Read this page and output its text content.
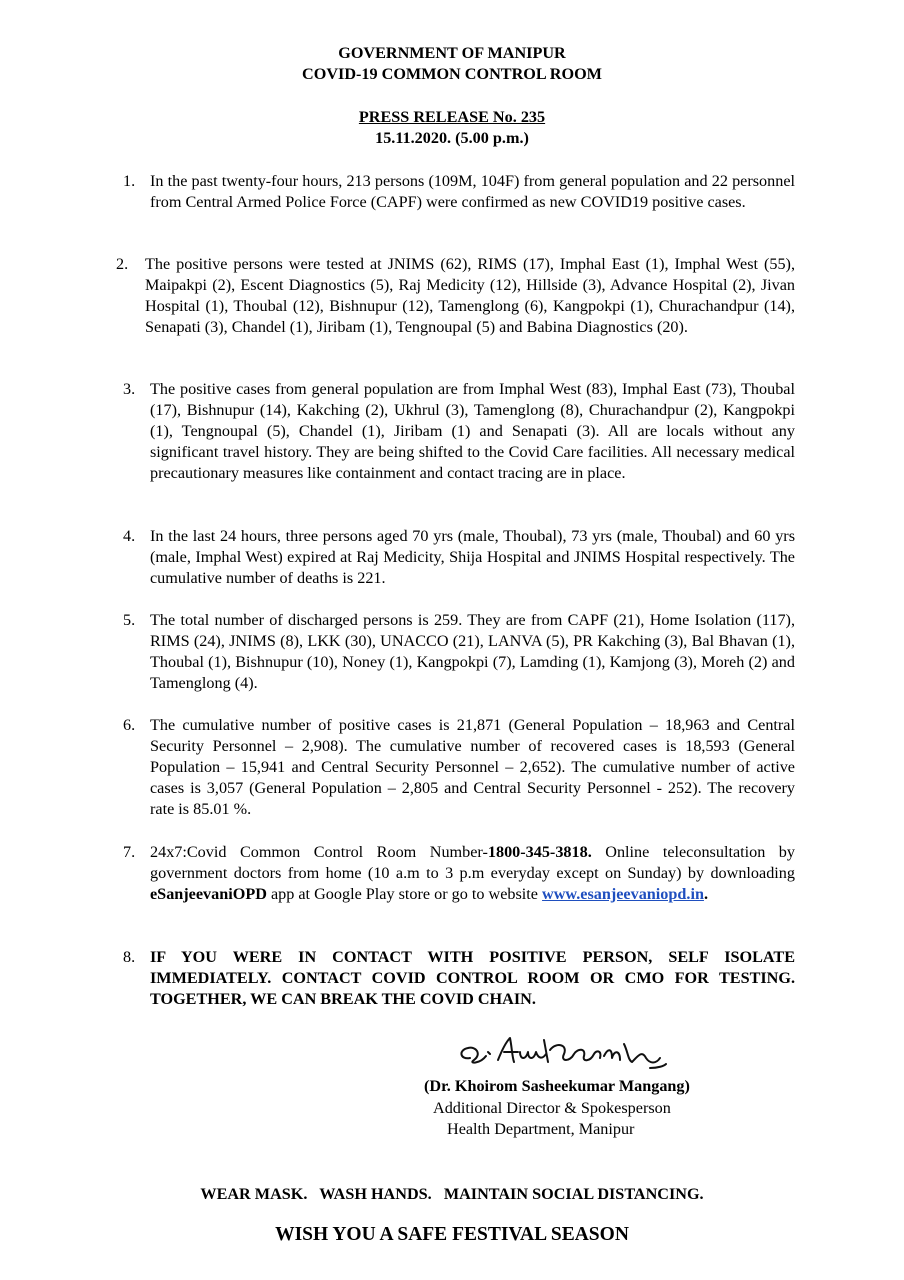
GOVERNMENT OF MANIPUR
COVID-19 COMMON CONTROL ROOM
PRESS RELEASE No. 235
15.11.2020. (5.00 p.m.)
1. In the past twenty-four hours, 213 persons (109M, 104F) from general population and 22 personnel from Central Armed Police Force (CAPF) were confirmed as new COVID19 positive cases.
2. The positive persons were tested at JNIMS (62), RIMS (17), Imphal East (1), Imphal West (55), Maipakpi (2), Escent Diagnostics (5), Raj Medicity (12), Hillside (3), Advance Hospital (2), Jivan Hospital (1), Thoubal (12), Bishnupur (12), Tamenglong (6), Kangpokpi (1), Churachandpur (14), Senapati (3), Chandel (1), Jiribam (1), Tengnoupal (5) and Babina Diagnostics (20).
3. The positive cases from general population are from Imphal West (83), Imphal East (73), Thoubal (17), Bishnupur (14), Kakching (2), Ukhrul (3), Tamenglong (8), Churachandpur (2), Kangpokpi (1), Tengnoupal (5), Chandel (1), Jiribam (1) and Senapati (3). All are locals without any significant travel history. They are being shifted to the Covid Care facilities. All necessary medical precautionary measures like containment and contact tracing are in place.
4. In the last 24 hours, three persons aged 70 yrs (male, Thoubal), 73 yrs (male, Thoubal) and 60 yrs (male, Imphal West) expired at Raj Medicity, Shija Hospital and JNIMS Hospital respectively. The cumulative number of deaths is 221.
5. The total number of discharged persons is 259. They are from CAPF (21), Home Isolation (117), RIMS (24), JNIMS (8), LKK (30), UNACCO (21), LANVA (5), PR Kakching (3), Bal Bhavan (1), Thoubal (1), Bishnupur (10), Noney (1), Kangpokpi (7), Lamding (1), Kamjong (3), Moreh (2) and Tamenglong (4).
6. The cumulative number of positive cases is 21,871 (General Population – 18,963 and Central Security Personnel – 2,908). The cumulative number of recovered cases is 18,593 (General Population – 15,941 and Central Security Personnel – 2,652). The cumulative number of active cases is 3,057 (General Population – 2,805 and Central Security Personnel - 252). The recovery rate is 85.01 %.
7. 24x7:Covid Common Control Room Number-1800-345-3818. Online teleconsultation by government doctors from home (10 a.m to 3 p.m everyday except on Sunday) by downloading eSanjeevaniOPD app at Google Play store or go to website www.esanjeevaniopd.in.
8. IF YOU WERE IN CONTACT WITH POSITIVE PERSON, SELF ISOLATE IMMEDIATELY. CONTACT COVID CONTROL ROOM OR CMO FOR TESTING. TOGETHER, WE CAN BREAK THE COVID CHAIN.
(Dr. Khoirom Sasheekumar Mangang)
Additional Director & Spokesperson
Health Department, Manipur
WEAR MASK.   WASH HANDS.   MAINTAIN SOCIAL DISTANCING.
WISH YOU A SAFE FESTIVAL SEASON
